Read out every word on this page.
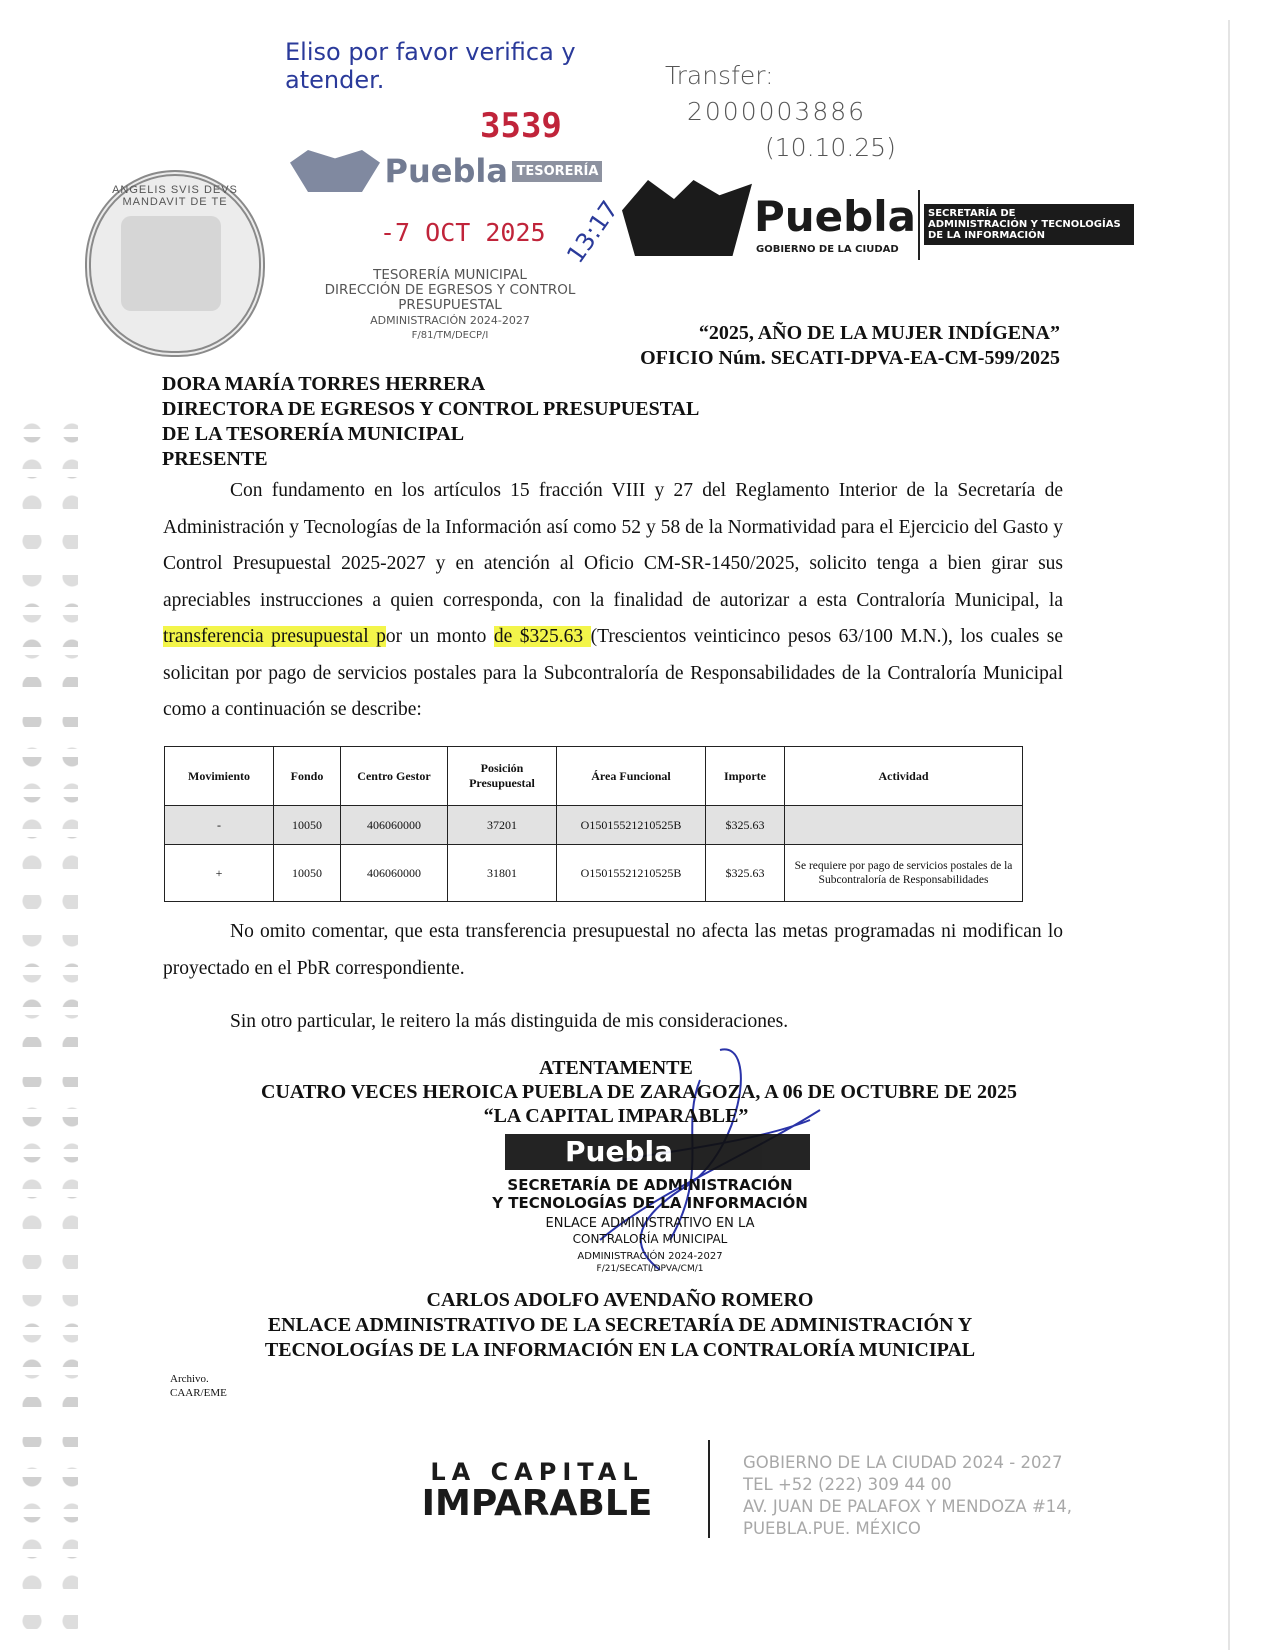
ANGELIS SVIS DEVS MANDAVIT DE TE
Eliso por favor verifica y atender.
3539
Puebla TESORERÍA
-7 OCT 2025 13:17
TESORERÍA MUNICIPAL
DIRECCIÓN DE EGRESOS Y CONTROL
PRESUPUESTAL
ADMINISTRACIÓN 2024-2027
F/81/TM/DECP/I
Transfer:
2000003886
(10.10.25)
Puebla
GOBIERNO DE LA CIUDAD
SECRETARÍA DE
ADMINISTRACIÓN Y TECNOLOGÍAS
DE LA INFORMACIÓN
“2025, AÑO DE LA MUJER INDÍGENA”
OFICIO Núm. SECATI-DPVA-EA-CM-599/2025
DORA MARÍA TORRES HERRERA
DIRECTORA DE EGRESOS Y CONTROL PRESUPUESTAL
DE LA TESORERÍA MUNICIPAL
PRESENTE
Con fundamento en los artículos 15 fracción VIII y 27 del Reglamento Interior de la Secretaría de Administración y Tecnologías de la Información así como 52 y 58 de la Normatividad para el Ejercicio del Gasto y Control Presupuestal 2025-2027 y en atención al Oficio CM-SR-1450/2025, solicito tenga a bien girar sus apreciables instrucciones a quien corresponda, con la finalidad de autorizar a esta Contraloría Municipal, la transferencia presupuestal por un monto de $325.63 (Trescientos veinticinco pesos 63/100 M.N.), los cuales se solicitan por pago de servicios postales para la Subcontraloría de Responsabilidades de la Contraloría Municipal como a continuación se describe:
Movimiento	Fondo	Centro Gestor	Posición Presupuestal	Área Funcional	Importe	Actividad
-	10050	406060000	37201	O15015521210525B	$325.63	
+	10050	406060000	31801	O15015521210525B	$325.63	Se requiere por pago de servicios postales de la Subcontraloría de Responsabilidades
No omito comentar, que esta transferencia presupuestal no afecta las metas programadas ni modifican lo proyectado en el PbR correspondiente.
Sin otro particular, le reitero la más distinguida de mis consideraciones.
ATENTAMENTE
CUATRO VECES HEROICA PUEBLA DE ZARAGOZA, A 06 DE OCTUBRE DE 2025
“LA CAPITAL IMPARABLE”
Puebla
SECRETARÍA DE ADMINISTRACIÓN
Y TECNOLOGÍAS DE LA INFORMACIÓN
ENLACE ADMINISTRATIVO EN LA
CONTRALORÍA MUNICIPAL
ADMINISTRACIÓN 2024-2027
F/21/SECATI/DPVA/CM/1
CARLOS ADOLFO AVENDAÑO ROMERO
ENLACE ADMINISTRATIVO DE LA SECRETARÍA DE ADMINISTRACIÓN Y
TECNOLOGÍAS DE LA INFORMACIÓN EN LA CONTRALORÍA MUNICIPAL
Archivo.
CAAR/EME
LA CAPITAL
IMPARABLE
GOBIERNO DE LA CIUDAD 2024 - 2027
TEL +52 (222) 309 44 00
AV. JUAN DE PALAFOX Y MENDOZA #14,
PUEBLA.PUE. MÉXICO
